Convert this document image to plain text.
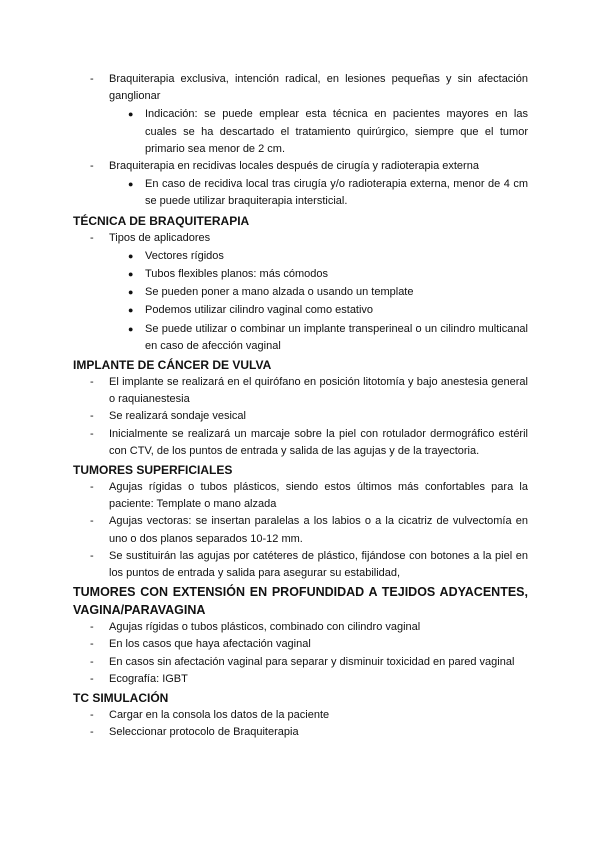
- Braquiterapia exclusiva, intención radical, en lesiones pequeñas y sin afectación ganglionar
● Indicación: se puede emplear esta técnica en pacientes mayores en las cuales se ha descartado el tratamiento quirúrgico, siempre que el tumor primario sea menor de 2 cm.
- Braquiterapia en recidivas locales después de cirugía y radioterapia externa
● En caso de recidiva local tras cirugía y/o radioterapia externa, menor de 4 cm se puede utilizar braquiterapia intersticial.
TÉCNICA DE BRAQUITERAPIA
- Tipos de aplicadores
● Vectores rígidos
● Tubos flexibles planos: más cómodos
● Se pueden poner a mano alzada o usando un template
● Podemos utilizar cilindro vaginal como estativo
● Se puede utilizar o combinar un implante transperineal o un cilindro multicanal en caso de afección vaginal
IMPLANTE DE CÁNCER DE VULVA
- El implante se realizará en el quirófano en posición litotomía y bajo anestesia general o raquianestesia
- Se realizará sondaje vesical
- Inicialmente se realizará un marcaje sobre la piel con rotulador dermográfico estéril con CTV, de los puntos de entrada y salida de las agujas y de la trayectoria.
TUMORES SUPERFICIALES
- Agujas rígidas o tubos plásticos, siendo estos últimos más confortables para la paciente: Template o mano alzada
- Agujas vectoras: se insertan paralelas a los labios o a la cicatriz de vulvectomía en uno o dos planos separados 10-12 mm.
- Se sustituirán las agujas por catéteres de plástico, fijándose con botones a la piel en los puntos de entrada y salida para asegurar su estabilidad,
TUMORES CON EXTENSIÓN EN PROFUNDIDAD A TEJIDOS ADYACENTES, VAGINA/PARAVAGINA
- Agujas rígidas o tubos plásticos, combinado con cilindro vaginal
- En los casos que haya afectación vaginal
- En casos sin afectación vaginal para separar y disminuir toxicidad en pared vaginal
- Ecografía: IGBT
TC SIMULACIÓN
- Cargar en la consola los datos de la paciente
- Seleccionar protocolo de Braquiterapia
